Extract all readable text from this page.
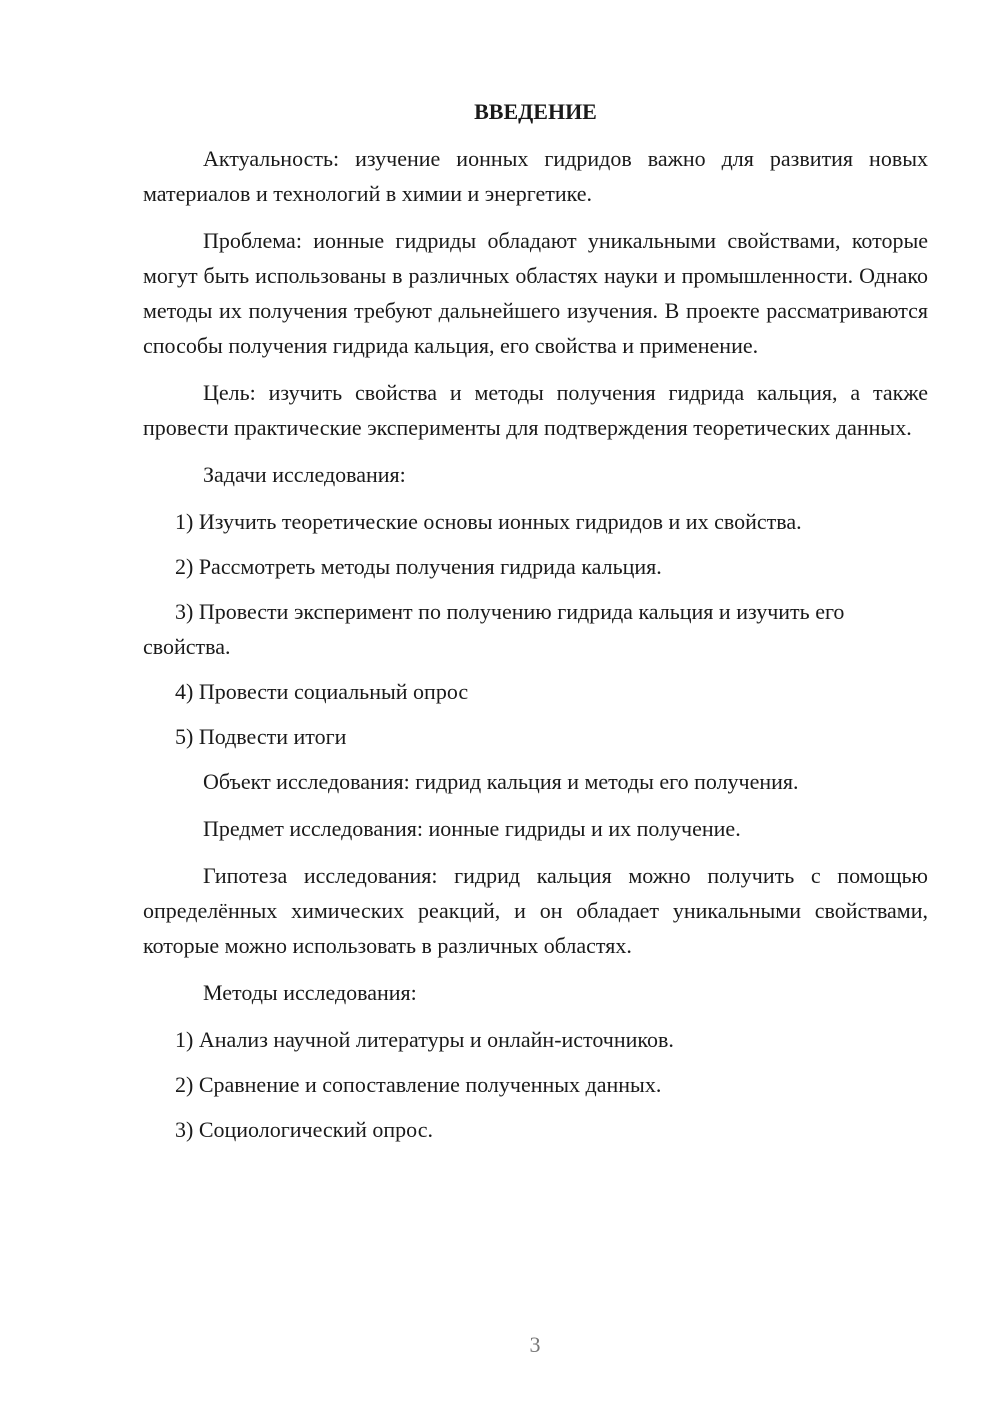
ВВЕДЕНИЕ

Актуальность: изучение ионных гидридов важно для развития новых материалов и технологий в химии и энергетике.

Проблема: ионные гидриды обладают уникальными свойствами, которые могут быть использованы в различных областях науки и промышленности. Однако методы их получения требуют дальнейшего изучения. В проекте рассматриваются способы получения гидрида кальция, его свойства и применение.

Цель: изучить свойства и методы получения гидрида кальция, а также провести практические эксперименты для подтверждения теоретических данных.

Задачи исследования:

1) Изучить теоретические основы ионных гидридов и их свойства.

2) Рассмотреть методы получения гидрида кальция.

3) Провести эксперимент по получению гидрида кальция и изучить его свойства.

4) Провести социальный опрос

5) Подвести итоги

Объект исследования: гидрид кальция и методы его получения.

Предмет исследования: ионные гидриды и их получение.

Гипотеза исследования: гидрид кальция можно получить с помощью определённых химических реакций, и он обладает уникальными свойствами, которые можно использовать в различных областях.

Методы исследования:

1) Анализ научной литературы и онлайн-источников.

2) Сравнение и сопоставление полученных данных.

3) Социологический опрос.

3
